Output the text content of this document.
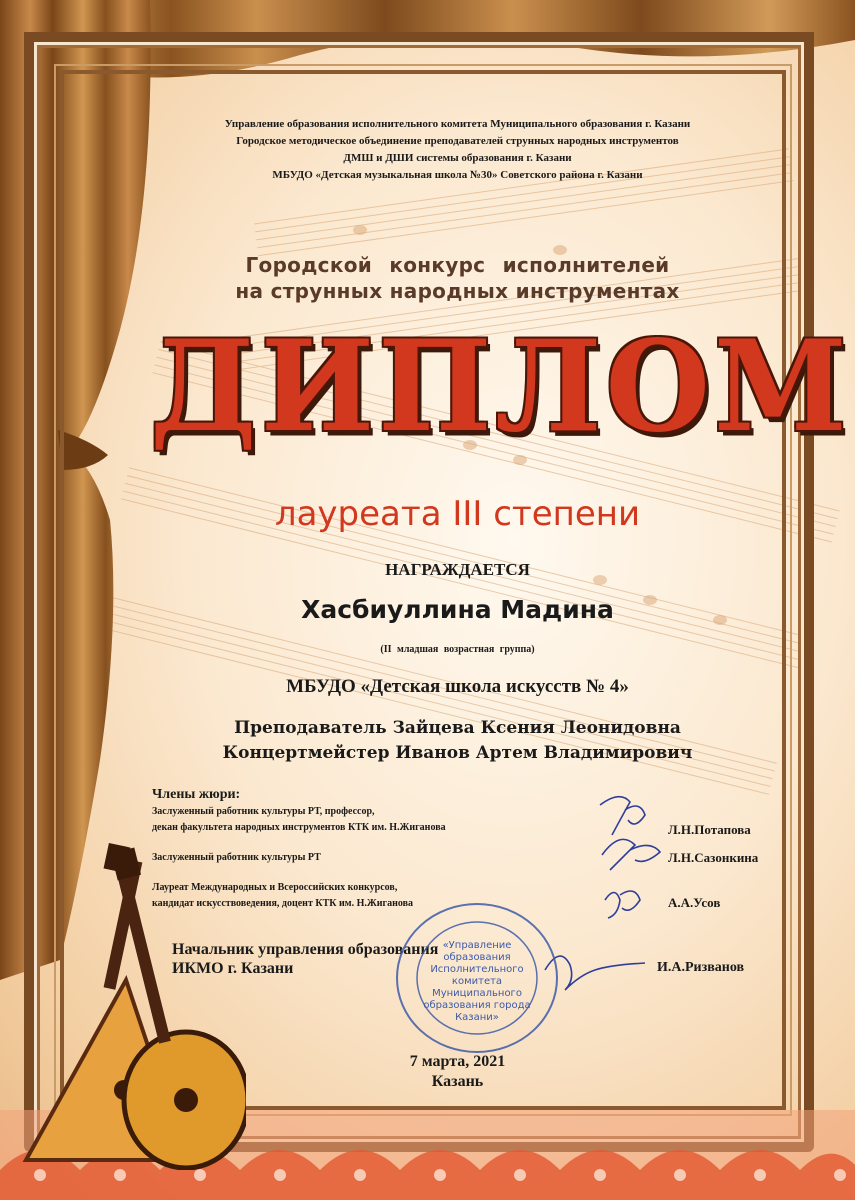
Управление образования исполнительного комитета Муниципального образования г. Казани
Городское методическое объединение преподавателей струнных народных инструментов
ДМШ и ДШИ системы образования г. Казани
МБУДО «Детская музыкальная школа №30» Советского района г. Казани
Городской конкурс исполнителей
на струнных народных инструментах
ДИПЛОМ
лауреата III степени
НАГРАЖДАЕТСЯ
Хасбиуллина Мадина
(II младшая возрастная группа)
МБУДО «Детская школа искусств № 4»
Преподаватель Зайцева Ксения Леонидовна
Концертмейстер Иванов Артем Владимирович
Члены жюри:
Заслуженный работник культуры РТ, профессор,
декан факультета народных инструментов КТК им. Н.Жиганова
Заслуженный работник культуры РТ
Лауреат Международных и Всероссийских конкурсов,
кандидат искусствоведения, доцент КТК им. Н.Жиганова
Л.Н.Потапова
Л.Н.Сазонкина
А.А.Усов
Начальник управления образования
ИКМО г. Казани	И.А.Ризванов
7 марта, 2021
Казань
«Управление образования Исполнительного комитета Муниципального образования города Казани»
